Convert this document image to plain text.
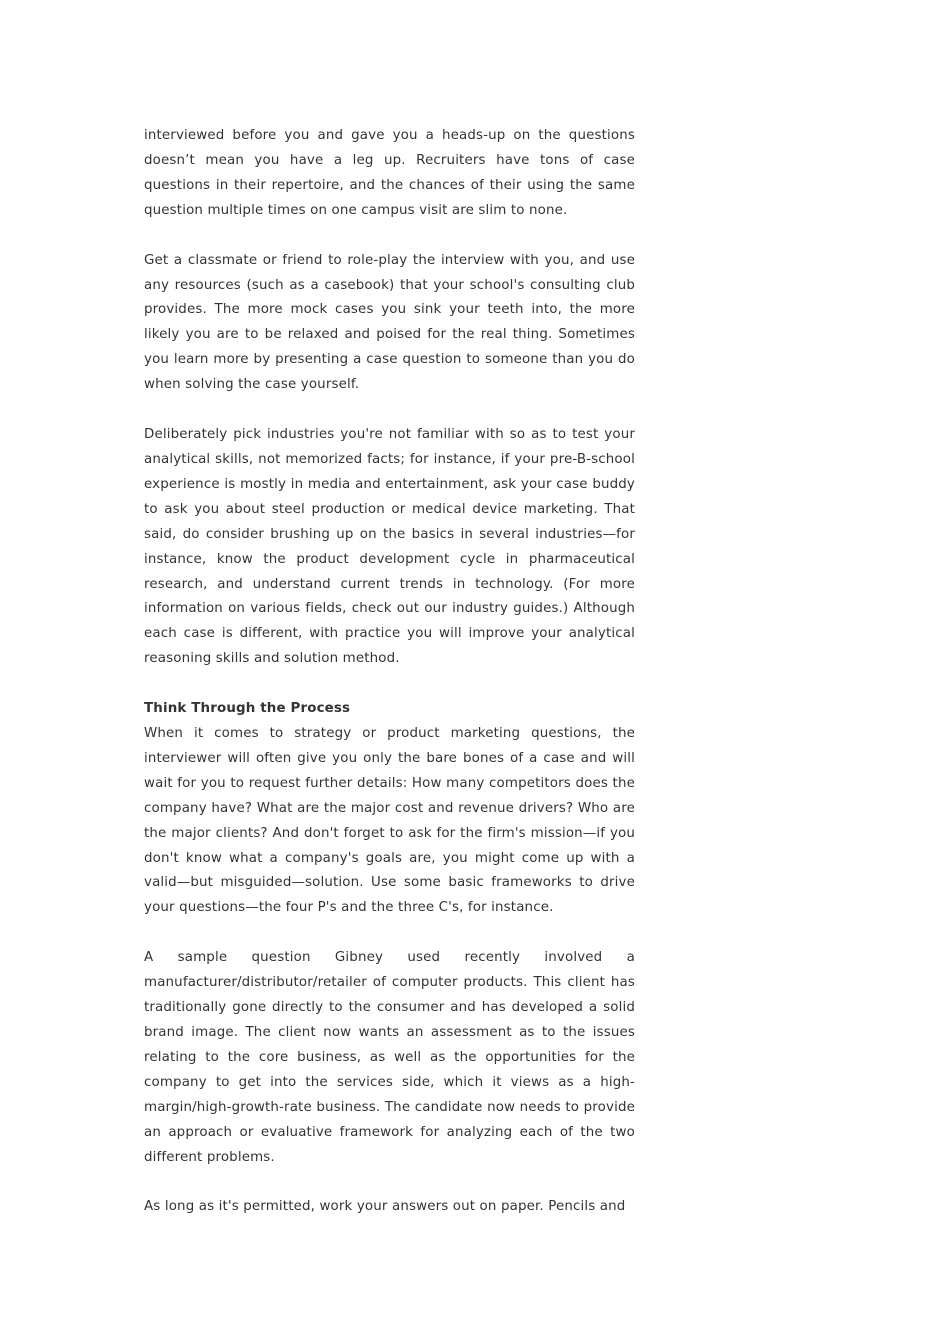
interviewed before you and gave you a heads-up on the questions doesn’t mean you have a leg up. Recruiters have tons of case questions in their repertoire, and the chances of their using the same question multiple times on one campus visit are slim to none.

Get a classmate or friend to role-play the interview with you, and use any resources (such as a casebook) that your school's consulting club provides. The more mock cases you sink your teeth into, the more likely you are to be relaxed and poised for the real thing. Sometimes you learn more by presenting a case question to someone than you do when solving the case yourself.

Deliberately pick industries you're not familiar with so as to test your analytical skills, not memorized facts; for instance, if your pre-B-school experience is mostly in media and entertainment, ask your case buddy to ask you about steel production or medical device marketing. That said, do consider brushing up on the basics in several industries—for instance, know the product development cycle in pharmaceutical research, and understand current trends in technology. (For more information on various fields, check out our industry guides.) Although each case is different, with practice you will improve your analytical reasoning skills and solution method.

Think Through the Process

When it comes to strategy or product marketing questions, the interviewer will often give you only the bare bones of a case and will wait for you to request further details: How many competitors does the company have? What are the major cost and revenue drivers? Who are the major clients? And don't forget to ask for the firm's mission—if you don't know what a company's goals are, you might come up with a valid—but misguided—solution. Use some basic frameworks to drive your questions—the four P's and the three C's, for instance.

A sample question Gibney used recently involved a manufacturer/distributor/retailer of computer products. This client has traditionally gone directly to the consumer and has developed a solid brand image. The client now wants an assessment as to the issues relating to the core business, as well as the opportunities for the company to get into the services side, which it views as a high-margin/high-growth-rate business. The candidate now needs to provide an approach or evaluative framework for analyzing each of the two different problems.

As long as it's permitted, work your answers out on paper. Pencils and
